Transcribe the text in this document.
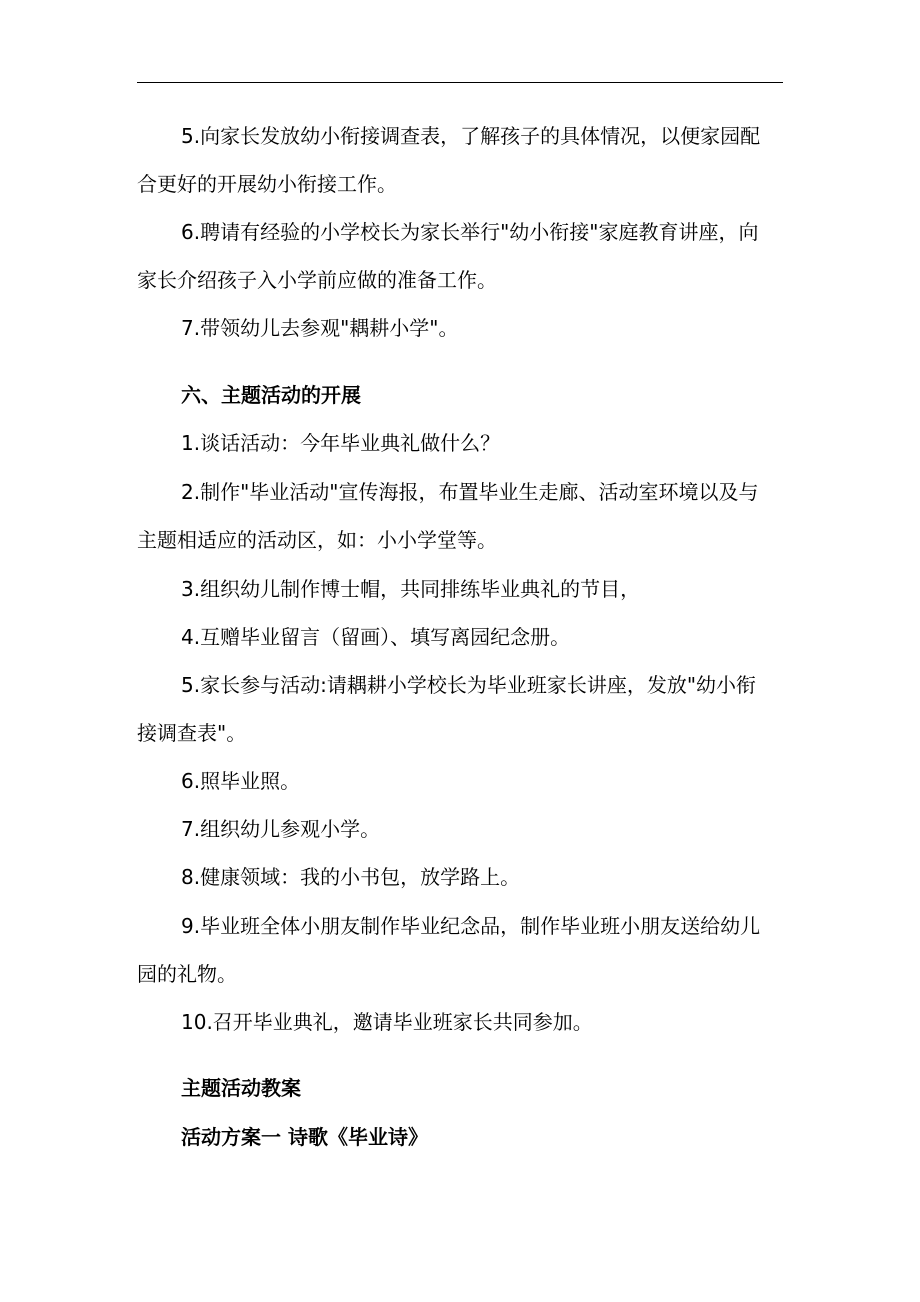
5.向家长发放幼小衔接调查表，了解孩子的具体情况，以便家园配

合更好的开展幼小衔接工作。

6.聘请有经验的小学校长为家长举行"幼小衔接"家庭教育讲座，向

家长介绍孩子入小学前应做的准备工作。

7.带领幼儿去参观"耦耕小学"。

六、主题活动的开展

1.谈话活动：今年毕业典礼做什么？

2.制作"毕业活动"宣传海报，布置毕业生走廊、活动室环境以及与

主题相适应的活动区，如：小小学堂等。

3.组织幼儿制作博士帽，共同排练毕业典礼的节目，

4.互赠毕业留言（留画）、填写离园纪念册。

5.家长参与活动:请耦耕小学校长为毕业班家长讲座，发放"幼小衔

接调查表"。

6.照毕业照。

7.组织幼儿参观小学。

8.健康领域：我的小书包，放学路上。

9.毕业班全体小朋友制作毕业纪念品，制作毕业班小朋友送给幼儿

园的礼物。

10.召开毕业典礼，邀请毕业班家长共同参加。

主题活动教案

活动方案一 诗歌《毕业诗》
